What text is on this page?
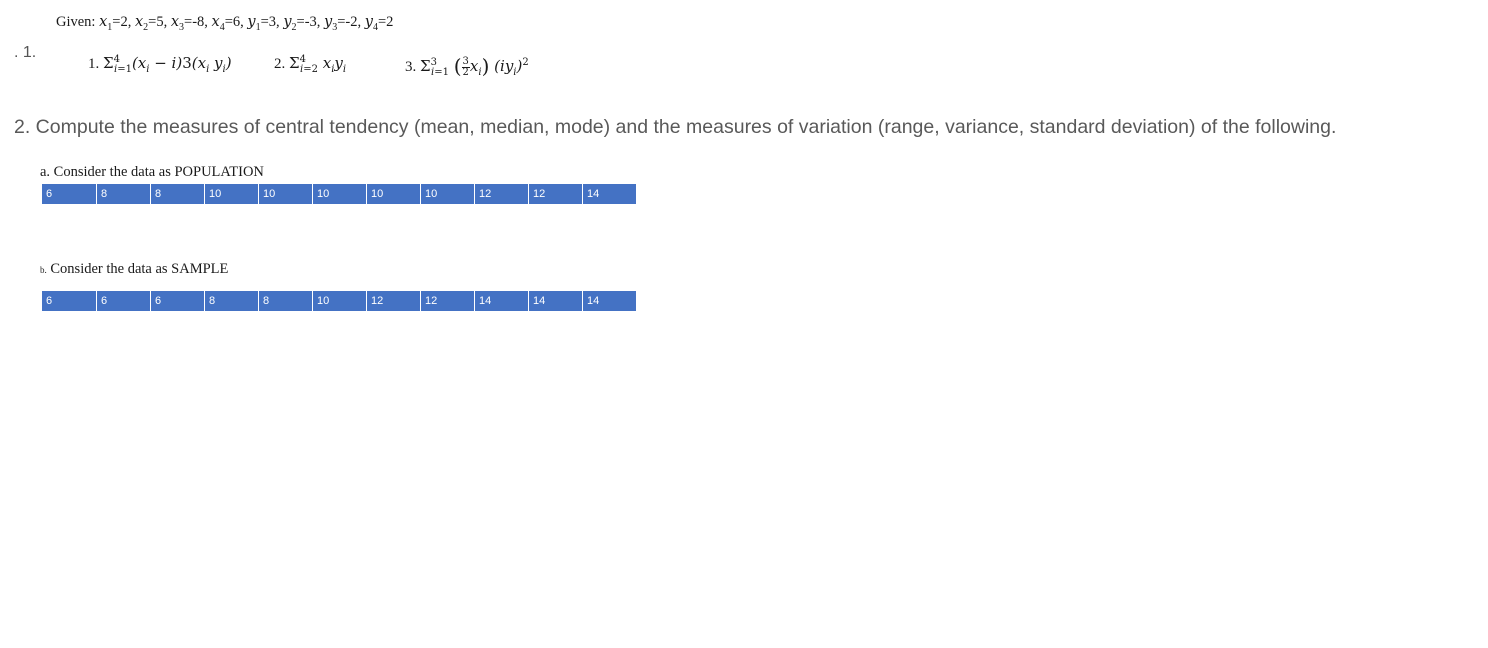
Given: $x_1=2$, $x_2=5$, $x_3=-8$, $x_4=6$, $y_1=3$, $y_2=-3$, $y_3=-2$, $y_4=2$
. 1.
1. $\Sigma^4_{i=1}(x_i - i)3(x_i$ $y_i$)	2. $\Sigma^4_{i=2}$ $x_iy_i$	3. $\Sigma^3_{i=1}$ ( $\frac{3}{2} x_i$) $(iy_i)^2$
2. Compute the measures of central tendency (mean, median, mode) and the measures of variation (range, variance, standard deviation) of the following.
a. Consider the data as POPULATION
6	8	8	10	10	10	10	10	12	12	14
b. Consider the data as SAMPLE
6	6	6	8	8	10	12	12	14	14	14
